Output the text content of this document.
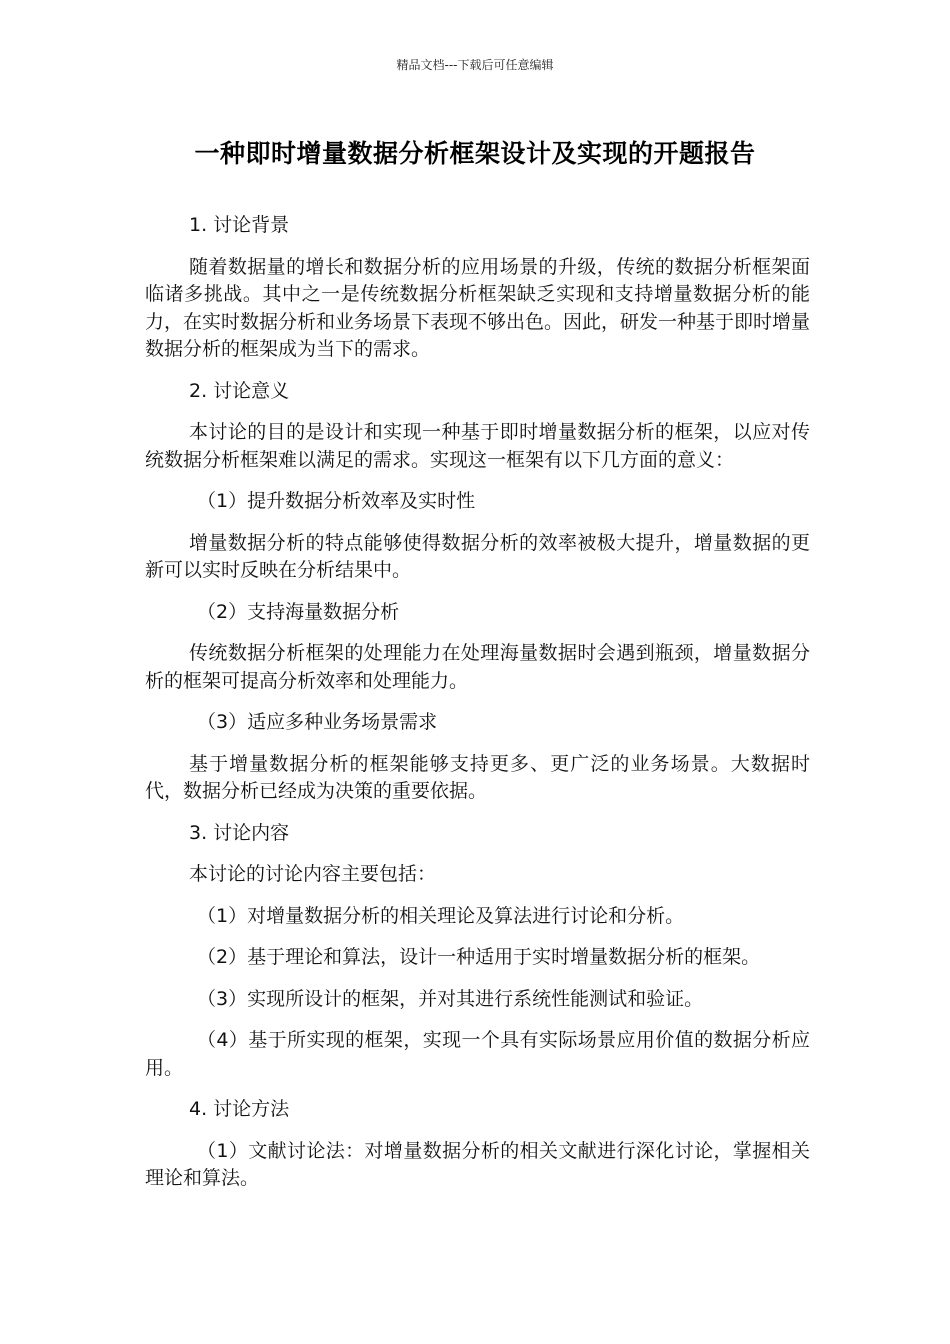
精品文档---下载后可任意编辑
一种即时增量数据分析框架设计及实现的开题报告

1. 讨论背景

随着数据量的增长和数据分析的应用场景的升级，传统的数据分析框架面临诸多挑战。其中之一是传统数据分析框架缺乏实现和支持增量数据分析的能力，在实时数据分析和业务场景下表现不够出色。因此，研发一种基于即时增量数据分析的框架成为当下的需求。

2. 讨论意义

本讨论的目的是设计和实现一种基于即时增量数据分析的框架，以应对传统数据分析框架难以满足的需求。实现这一框架有以下几方面的意义：

（1）提升数据分析效率及实时性

增量数据分析的特点能够使得数据分析的效率被极大提升，增量数据的更新可以实时反映在分析结果中。

（2）支持海量数据分析

传统数据分析框架的处理能力在处理海量数据时会遇到瓶颈，增量数据分析的框架可提高分析效率和处理能力。

（3）适应多种业务场景需求

基于增量数据分析的框架能够支持更多、更广泛的业务场景。大数据时代，数据分析已经成为决策的重要依据。

3. 讨论内容

本讨论的讨论内容主要包括：

（1）对增量数据分析的相关理论及算法进行讨论和分析。

（2）基于理论和算法，设计一种适用于实时增量数据分析的框架。

（3）实现所设计的框架，并对其进行系统性能测试和验证。

（4）基于所实现的框架，实现一个具有实际场景应用价值的数据分析应用。

4. 讨论方法

（1）文献讨论法：对增量数据分析的相关文献进行深化讨论，掌握相关理论和算法。
